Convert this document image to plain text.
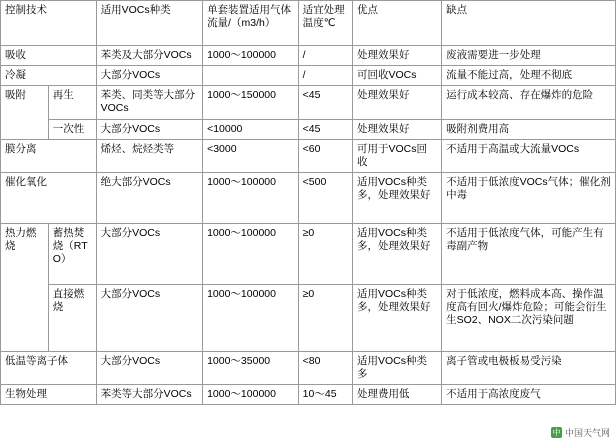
控制技术		适用VOCs种类	单套装置适用气体流量/（m3/h）	适宜处理温度℃	优点	缺点
吸收		苯类及大部分VOCs	1000～100000	/	处理效果好	废液需要进一步处理
冷凝		大部分VOCs		/	可回收VOCs	流量不能过高，处理不彻底
吸附	再生	苯类、同类等大部分VOCs	1000～150000	<45	处理效果好	运行成本较高、存在爆炸的危险
	一次性	大部分VOCs	<10000	<45	处理效果好	吸附剂费用高
膜分离		烯烃、烷烃类等	<3000	<60	可用于VOCs回收	不适用于高温或大流量VOCs
催化氧化		绝大部分VOCs	1000～100000	<500	适用VOCs种类多，处理效果好	不适用于低浓度VOCs气体；催化剂中毒
热力燃烧	蓄热焚烧（RTO）	大部分VOCs	1000～100000	≥0	适用VOCs种类多，处理效果好	不适用于低浓度气体，可能产生有毒副产物
	直接燃烧	大部分VOCs	1000～100000	≥0	适用VOCs种类多，处理效果好	对于低浓度，燃料成本高、操作温度高有回火/爆炸危险；可能会衍生生SO2、NOX二次污染问题
低温等离子体		大部分VOCs	1000～35000	<80	适用VOCs种类多	离子管或电极板易受污染
生物处理		苯类等大部分VOCs	1000～100000	10～45	处理费用低	不适用于高浓度废气
中 中国天气网
